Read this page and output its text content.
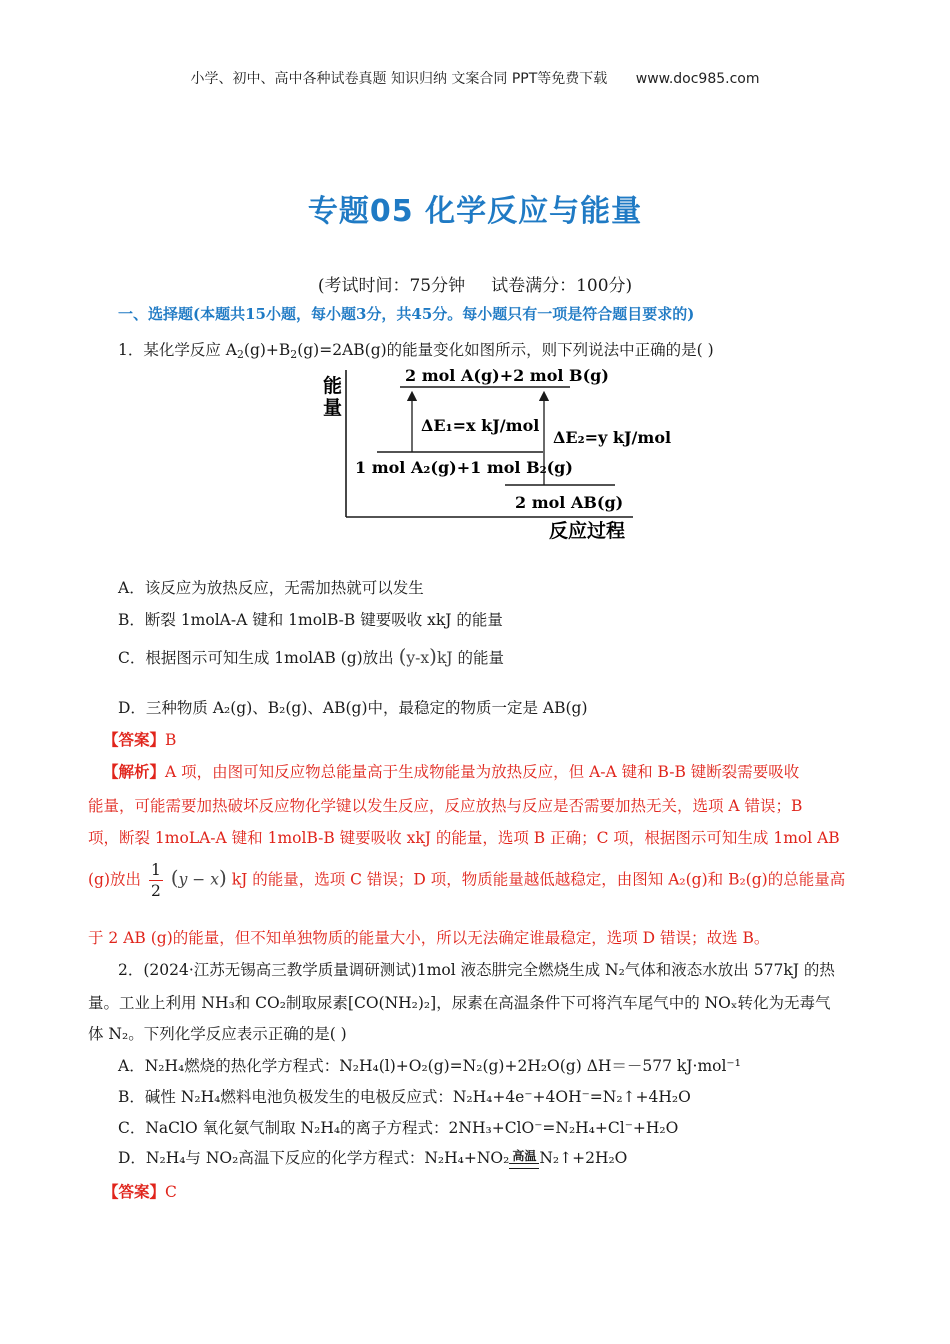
小学、初中、高中各种试卷真题 知识归纳 文案合同 PPT等免费下载 www.doc985.com
专题05 化学反应与能量
(考试时间：75分钟 试卷满分：100分)
一、选择题(本题共15小题，每小题3分，共45分。每小题只有一项是符合题目要求的)
1．某化学反应 $A_2(g)+B_2(g)=2AB(g)$的能量变化如图所示，则下列说法中正确的是( )
能
量
反应过程
2 mol A(g)+2 mol B(g)
1 mol A₂(g)+1 mol B₂(g)
2 mol AB(g)
ΔE₁=x kJ/mol
ΔE₂=y kJ/mol
A．该反应为放热反应，无需加热就可以发生
B．断裂 1molA-A 键和 1molB-B 键要吸收 xkJ 的能量
C．根据图示可知生成 1molAB (g)放出 (y-x)kJ 的能量
D．三种物质 A₂(g)、B₂(g)、AB(g)中，最稳定的物质一定是 AB(g)
【答案】B
【解析】A 项，由图可知反应物总能量高于生成物能量为放热反应，但 A-A 键和 B-B 键断裂需要吸收
能量，可能需要加热破坏反应物化学键以发生反应，反应放热与反应是否需要加热无关，选项 A 错误；B
项，断裂 1moLA-A 键和 1molB-B 键要吸收 xkJ 的能量，选项 B 正确；C 项，根据图示可知生成 1mol AB
(g)放出 $\frac{1}{2} (y - x)$ kJ 的能量，选项 C 错误；D 项，物质能量越低越稳定，由图知 A₂(g)和 B₂(g)的总能量高
于 2 AB (g)的能量，但不知单独物质的能量大小，所以无法确定谁最稳定，选项 D 错误；故选 B。
2．(2024·江苏无锡高三教学质量调研测试)1mol 液态肼完全燃烧生成 N₂气体和液态水放出 577kJ 的热
量。工业上利用 NH₃和 CO₂制取尿素[CO(NH₂)₂]，尿素在高温条件下可将汽车尾气中的 NOₓ转化为无毒气
体 N₂。下列化学反应表示正确的是( )
A．N₂H₄燃烧的热化学方程式：N₂H₄(l)+O₂(g)=N₂(g)+2H₂O(g) ΔH＝－577 kJ·mol⁻¹
B．碱性 N₂H₄燃料电池负极发生的电极反应式：N₂H₄+4e⁻+4OH⁻=N₂↑+4H₂O
C．NaClO 氧化氨气制取 N₂H₄的离子方程式：2NH₃+ClO⁻=N₂H₄+Cl⁻+H₂O
D．N₂H₄与 NO₂高温下反应的化学方程式：N₂H₄+NO₂ 高温 N₂↑+2H₂O
【答案】C
